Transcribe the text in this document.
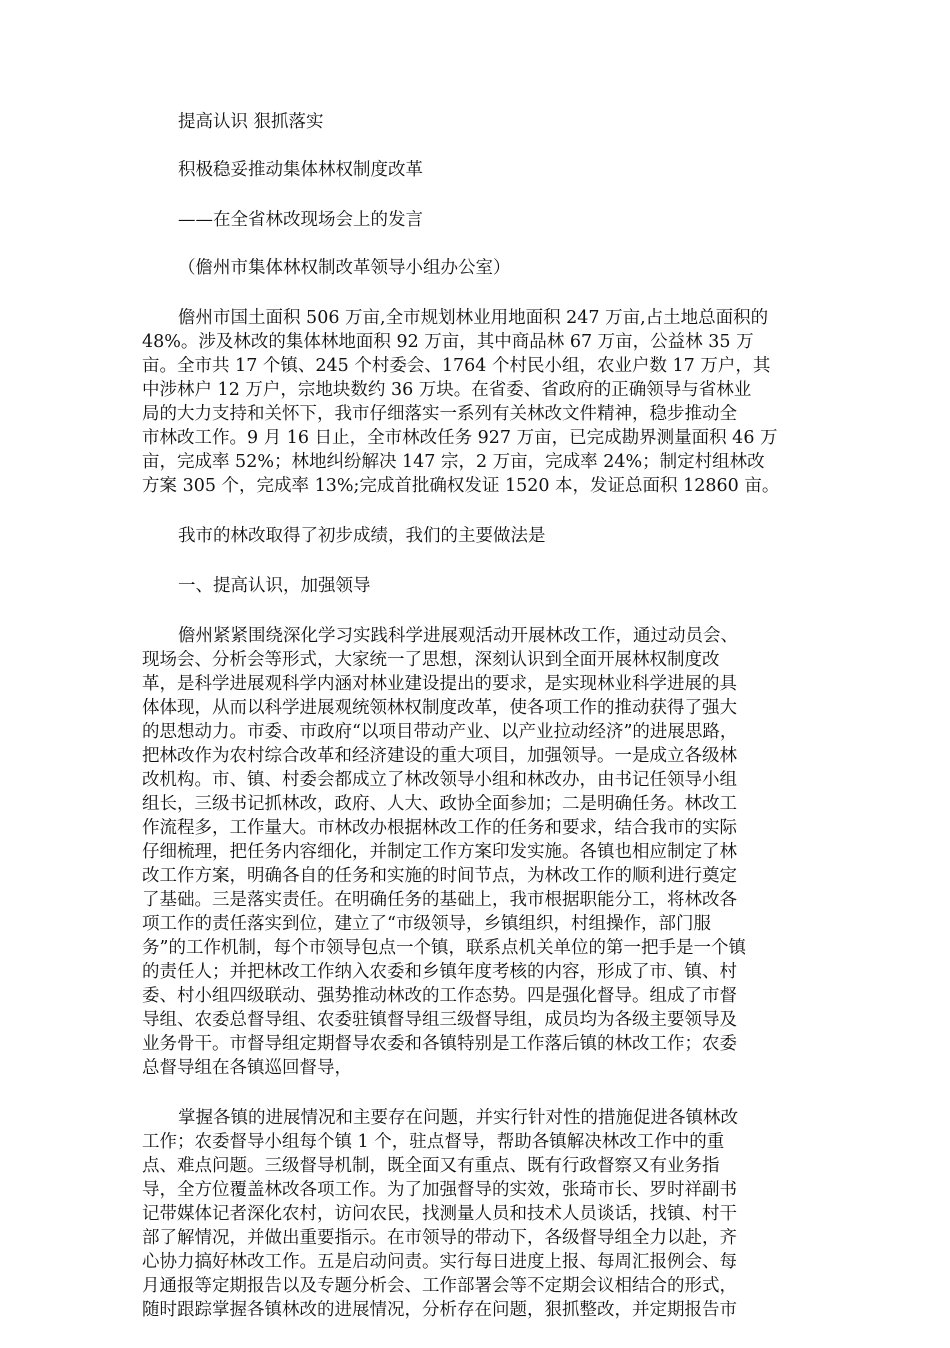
提高认识 狠抓落实

积极稳妥推动集体林权制度改革

——在全省林改现场会上的发言

（儋州市集体林权制改革领导小组办公室）

儋州市国土面积 506 万亩,全市规划林业用地面积 247 万亩,占土地总面积的
48%。涉及林改的集体林地面积 92 万亩，其中商品林 67 万亩，公益林 35 万
亩。全市共 17 个镇、245 个村委会、1764 个村民小组，农业户数 17 万户，其
中涉林户 12 万户，宗地块数约 36 万块。在省委、省政府的正确领导与省林业
局的大力支持和关怀下，我市仔细落实一系列有关林改文件精神，稳步推动全
市林改工作。9 月 16 日止，全市林改任务 927 万亩，已完成勘界测量面积 46 万
亩，完成率 52%；林地纠纷解决 147 宗，2 万亩，完成率 24%；制定村组林改
方案 305 个，完成率 13%;完成首批确权发证 1520 本，发证总面积 12860 亩。

我市的林改取得了初步成绩，我们的主要做法是

一、提高认识，加强领导

儋州紧紧围绕深化学习实践科学进展观活动开展林改工作，通过动员会、
现场会、分析会等形式，大家统一了思想，深刻认识到全面开展林权制度改
革，是科学进展观科学内涵对林业建设提出的要求，是实现林业科学进展的具
体体现，从而以科学进展观统领林权制度改革，使各项工作的推动获得了强大
的思想动力。市委、市政府“以项目带动产业、以产业拉动经济”的进展思路，
把林改作为农村综合改革和经济建设的重大项目，加强领导。一是成立各级林
改机构。市、镇、村委会都成立了林改领导小组和林改办，由书记任领导小组
组长，三级书记抓林改，政府、人大、政协全面参加；二是明确任务。林改工
作流程多，工作量大。市林改办根据林改工作的任务和要求，结合我市的实际
仔细梳理，把任务内容细化，并制定工作方案印发实施。各镇也相应制定了林
改工作方案，明确各自的任务和实施的时间节点，为林改工作的顺利进行奠定
了基础。三是落实责任。在明确任务的基础上，我市根据职能分工，将林改各
项工作的责任落实到位，建立了“市级领导，乡镇组织，村组操作，部门服
务”的工作机制，每个市领导包点一个镇，联系点机关单位的第一把手是一个镇
的责任人；并把林改工作纳入农委和乡镇年度考核的内容，形成了市、镇、村
委、村小组四级联动、强势推动林改的工作态势。四是强化督导。组成了市督
导组、农委总督导组、农委驻镇督导组三级督导组，成员均为各级主要领导及
业务骨干。市督导组定期督导农委和各镇特别是工作落后镇的林改工作；农委
总督导组在各镇巡回督导，
掌握各镇的进展情况和主要存在问题，并实行针对性的措施促进各镇林改
工作；农委督导小组每个镇 1 个，驻点督导，帮助各镇解决林改工作中的重
点、难点问题。三级督导机制，既全面又有重点、既有行政督察又有业务指
导，全方位覆盖林改各项工作。为了加强督导的实效，张琦市长、罗时祥副书
记带媒体记者深化农村，访问农民，找测量人员和技术人员谈话，找镇、村干
部了解情况，并做出重要指示。在市领导的带动下，各级督导组全力以赴，齐
心协力搞好林改工作。五是启动问责。实行每日进度上报、每周汇报例会、每
月通报等定期报告以及专题分析会、工作部署会等不定期会议相结合的形式，
随时跟踪掌握各镇林改的进展情况，分析存在问题，狠抓整改，并定期报告市
